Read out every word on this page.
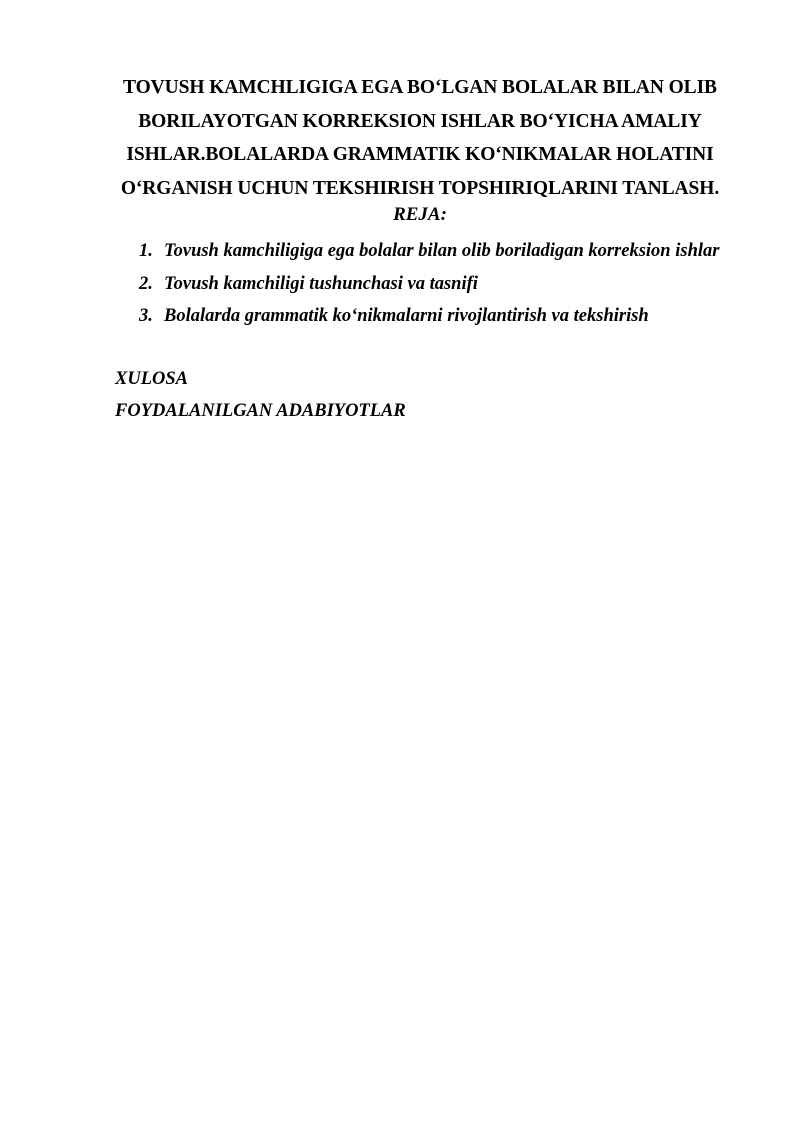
TOVUSH KAMCHLIGIGA EGA BO‘LGAN BOLALAR BILAN OLIB
BORILAYOTGAN KORREKSION ISHLAR BO‘YICHA AMALIY
ISHLAR.BOLALARDA GRAMMATIK KO‘NIKMALAR HOLATINI
O‘RGANISH UCHUN TEKSHIRISH TOPSHIRIQLARINI TANLASH.
REJA:
1. Tovush kamchiligiga ega bolalar bilan olib boriladigan korreksion ishlar
2. Tovush kamchiligi tushunchasi va tasnifi
3. Bolalarda grammatik ko‘nikmalarni rivojlantirish va tekshirish
XULOSA
FOYDALANILGAN ADABIYOTLAR
